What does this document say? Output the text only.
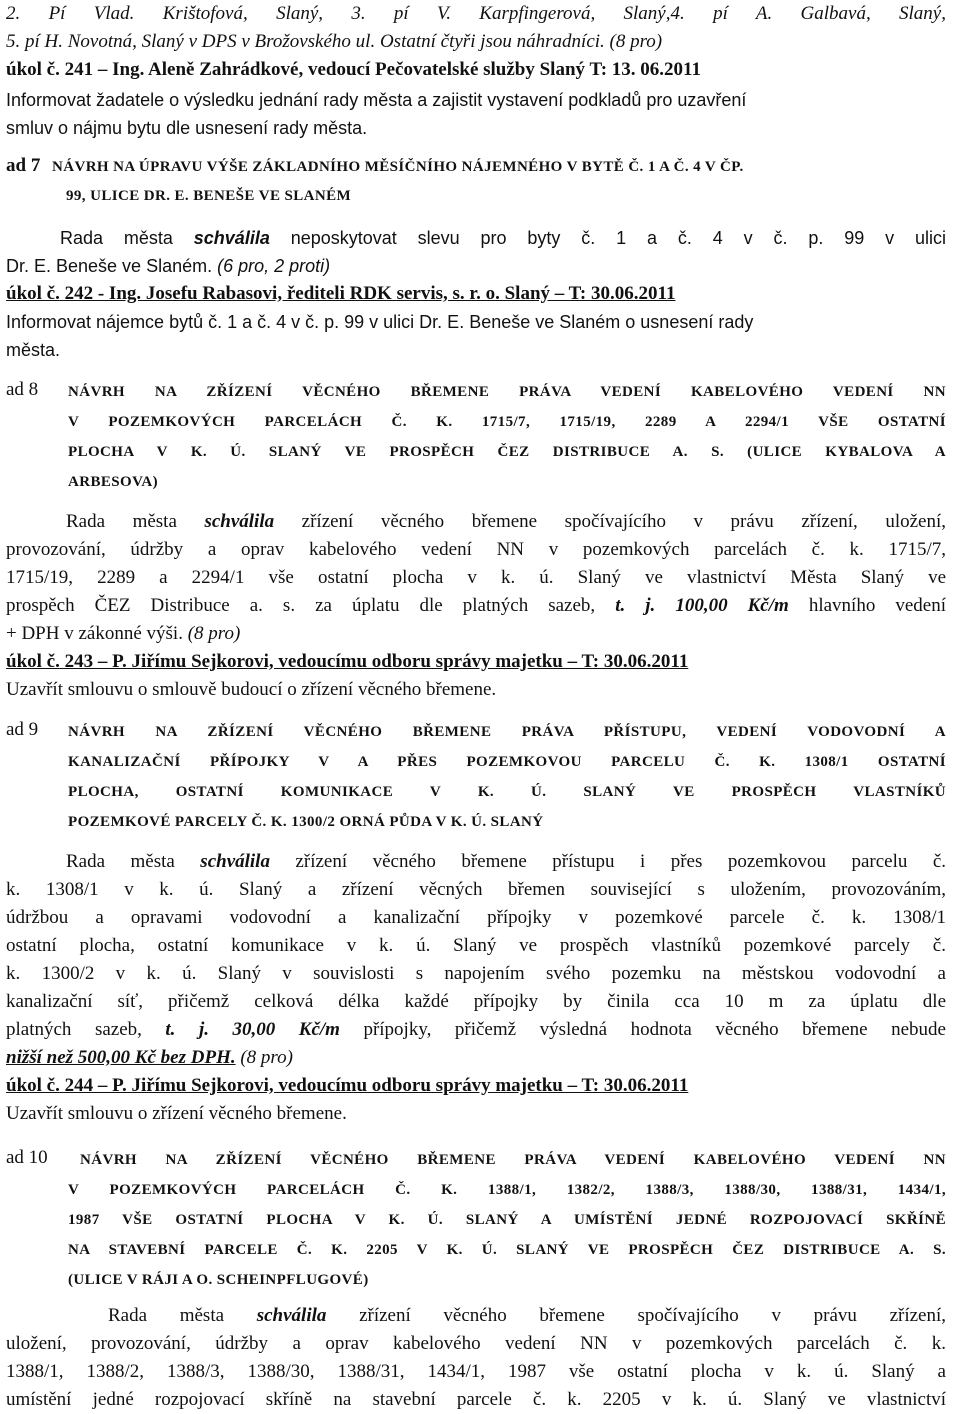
2. Pí Vlad. Krištofová, Slaný, 3. pí V. Karpfingerová, Slaný,4. pí A. Galbavá, Slaný,
5. pí H. Novotná, Slaný v DPS v Brožovského ul. Ostatní čtyři jsou náhradníci. (8 pro)
úkol č. 241 – Ing. Aleně Zahrádkové, vedoucí Pečovatelské služby Slaný T: 13. 06.2011
Informovat žadatele o výsledku jednání rady města a zajistit vystavení podkladů pro uzavření
smluv o nájmu bytu dle usnesení rady města.
ad 7 NÁVRH NA ÚPRAVU VÝŠE ZÁKLADNÍHO MĚSÍČNÍHO NÁJEMNÉHO V BYTĚ Č. 1 A Č. 4 V ČP.
99, ULICE DR. E. BENEŠE VE SLANÉM
Rada města schválila neposkytovat slevu pro byty č. 1 a č. 4 v č. p. 99 v ulici
Dr. E. Beneše ve Slaném. (6 pro, 2 proti)
úkol č. 242 - Ing. Josefu Rabasovi, řediteli RDK servis, s. r. o. Slaný – T: 30.06.2011
Informovat nájemce bytů č. 1 a č. 4 v č. p. 99 v ulici Dr. E. Beneše ve Slaném o usnesení rady
města.
ad 8 NÁVRH NA ZŘÍZENÍ VĚCNÉHO BŘEMENE PRÁVA VEDENÍ KABELOVÉHO VEDENÍ NN
V POZEMKOVÝCH PARCELÁCH Č. K. 1715/7, 1715/19, 2289 A 2294/1 VŠE OSTATNÍ
PLOCHA V K. Ú. SLANÝ VE PROSPĚCH ČEZ DISTRIBUCE A. S. (ULICE KYBALOVA A
ARBESOVA)
Rada města schválila zřízení věcného břemene spočívajícího v právu zřízení, uložení,
provozování, údržby a oprav kabelového vedení NN v pozemkových parcelách č. k. 1715/7,
1715/19, 2289 a 2294/1 vše ostatní plocha v k. ú. Slaný ve vlastnictví Města Slaný ve
prospěch ČEZ Distribuce a. s. za úplatu dle platných sazeb, t. j. 100,00 Kč/m hlavního vedení
+ DPH v zákonné výši. (8 pro)
úkol č. 243 – P. Jiřímu Sejkorovi, vedoucímu odboru správy majetku – T: 30.06.2011
Uzavřít smlouvu o smlouvě budoucí o zřízení věcného břemene.
ad 9 NÁVRH NA ZŘÍZENÍ VĚCNÉHO BŘEMENE PRÁVA PŘÍSTUPU, VEDENÍ VODOVODNÍ A
KANALIZAČNÍ PŘÍPOJKY V A PŘES POZEMKOVOU PARCELU Č. K. 1308/1 OSTATNÍ
PLOCHA, OSTATNÍ KOMUNIKACE V K. Ú. SLANÝ VE PROSPĚCH VLASTNÍKŮ
POZEMKOVÉ PARCELY Č. K. 1300/2 ORNÁ PŮDA V K. Ú. SLANÝ
Rada města schválila zřízení věcného břemene přístupu i přes pozemkovou parcelu č.
k. 1308/1 v k. ú. Slaný a zřízení věcných břemen související s uložením, provozováním,
údržbou a opravami vodovodní a kanalizační přípojky v pozemkové parcele č. k. 1308/1
ostatní plocha, ostatní komunikace v k. ú. Slaný ve prospěch vlastníků pozemkové parcely č.
k. 1300/2 v k. ú. Slaný v souvislosti s napojením svého pozemku na městskou vodovodní a
kanalizační síť, přičemž celková délka každé přípojky by činila cca 10 m za úplatu dle
platných sazeb, t. j. 30,00 Kč/m přípojky, přičemž výsledná hodnota věcného břemene nebude
nižší než 500,00 Kč bez DPH. (8 pro)
úkol č. 244 – P. Jiřímu Sejkorovi, vedoucímu odboru správy majetku – T: 30.06.2011
Uzavřít smlouvu o zřízení věcného břemene.
ad 10 NÁVRH NA ZŘÍZENÍ VĚCNÉHO BŘEMENE PRÁVA VEDENÍ KABELOVÉHO VEDENÍ NN
V POZEMKOVÝCH PARCELÁCH Č. K. 1388/1, 1382/2, 1388/3, 1388/30, 1388/31, 1434/1,
1987 VŠE OSTATNÍ PLOCHA V K. Ú. SLANÝ A UMÍSTĚNÍ JEDNÉ ROZPOJOVACÍ SKŘÍNĚ
NA STAVEBNÍ PARCELE Č. K. 2205 V K. Ú. SLANÝ VE PROSPĚCH ČEZ DISTRIBUCE A. S.
(ULICE V RÁJI A O. SCHEINPFLUGOVÉ)
Rada města schválila zřízení věcného břemene spočívajícího v právu zřízení,
uložení, provozování, údržby a oprav kabelového vedení NN v pozemkových parcelách č. k.
1388/1, 1388/2, 1388/3, 1388/30, 1388/31, 1434/1, 1987 vše ostatní plocha v k. ú. Slaný a
umístění jedné rozpojovací skříně na stavební parcele č. k. 2205 v k. ú. Slaný ve vlastnictví
